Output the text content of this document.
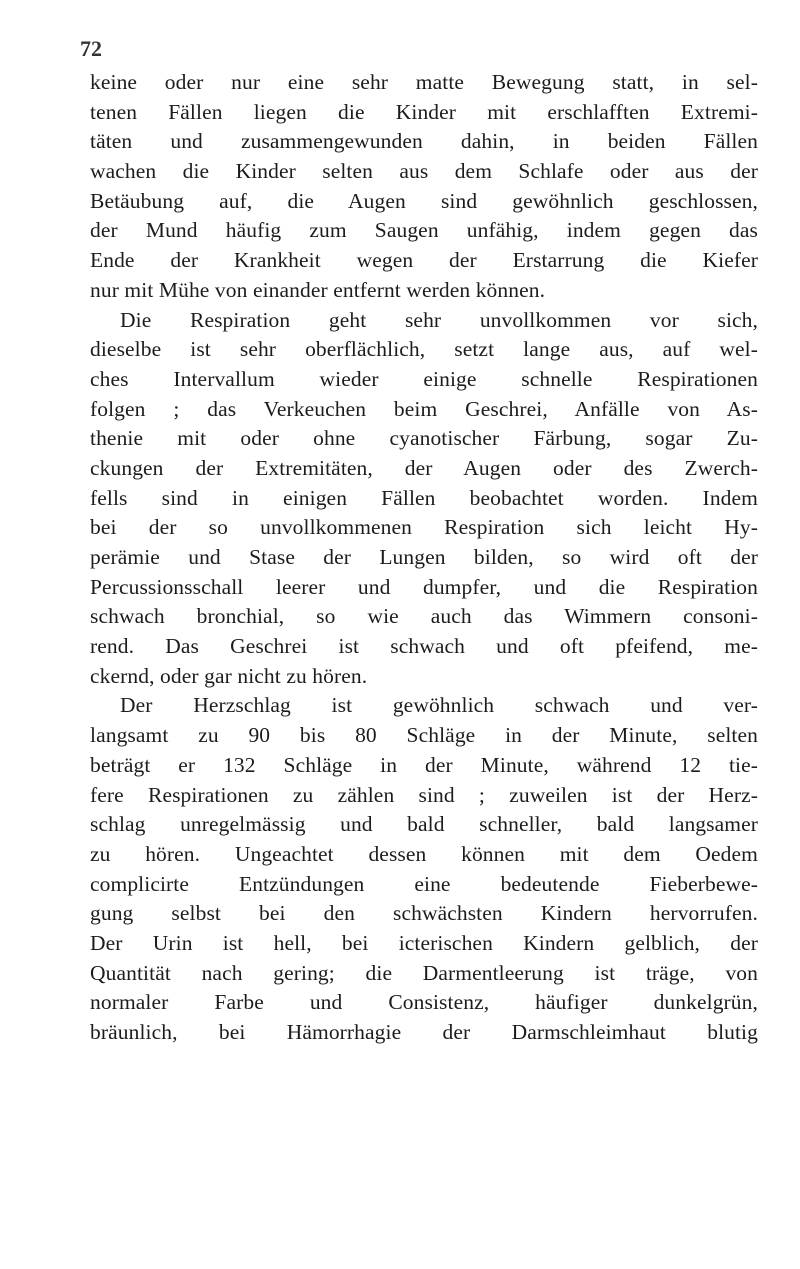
72
keine oder nur eine sehr matte Bewegung statt, in sel-
tenen Fällen liegen die Kinder mit erschlafften Extremi-
täten und zusammengewunden dahin, in beiden Fällen
wachen die Kinder selten aus dem Schlafe oder aus der
Betäubung auf, die Augen sind gewöhnlich geschlossen,
der Mund häufig zum Saugen unfähig, indem gegen das
Ende der Krankheit wegen der Erstarrung die Kiefer
nur mit Mühe von einander entfernt werden können.
Die Respiration geht sehr unvollkommen vor sich,
dieselbe ist sehr oberflächlich, setzt lange aus, auf wel-
ches Intervallum wieder einige schnelle Respirationen
folgen ; das Verkeuchen beim Geschrei, Anfälle von As-
thenie mit oder ohne cyanotischer Färbung, sogar Zu-
ckungen der Extremitäten, der Augen oder des Zwerch-
fells sind in einigen Fällen beobachtet worden. Indem
bei der so unvollkommenen Respiration sich leicht Hy-
perämie und Stase der Lungen bilden, so wird oft der
Percussionsschall leerer und dumpfer, und die Respiration
schwach bronchial, so wie auch das Wimmern consoni-
rend. Das Geschrei ist schwach und oft pfeifend, me-
ckernd, oder gar nicht zu hören.
Der Herzschlag ist gewöhnlich schwach und ver-
langsamt zu 90 bis 80 Schläge in der Minute, selten
beträgt er 132 Schläge in der Minute, während 12 tie-
fere Respirationen zu zählen sind ; zuweilen ist der Herz-
schlag unregelmässig und bald schneller, bald langsamer
zu hören. Ungeachtet dessen können mit dem Oedem
complicirte Entzündungen eine bedeutende Fieberbewe-
gung selbst bei den schwächsten Kindern hervorrufen.
Der Urin ist hell, bei icterischen Kindern gelblich, der
Quantität nach gering; die Darmentleerung ist träge, von
normaler Farbe und Consistenz, häufiger dunkelgrün,
bräunlich, bei Hämorrhagie der Darmschleimhaut blutig
